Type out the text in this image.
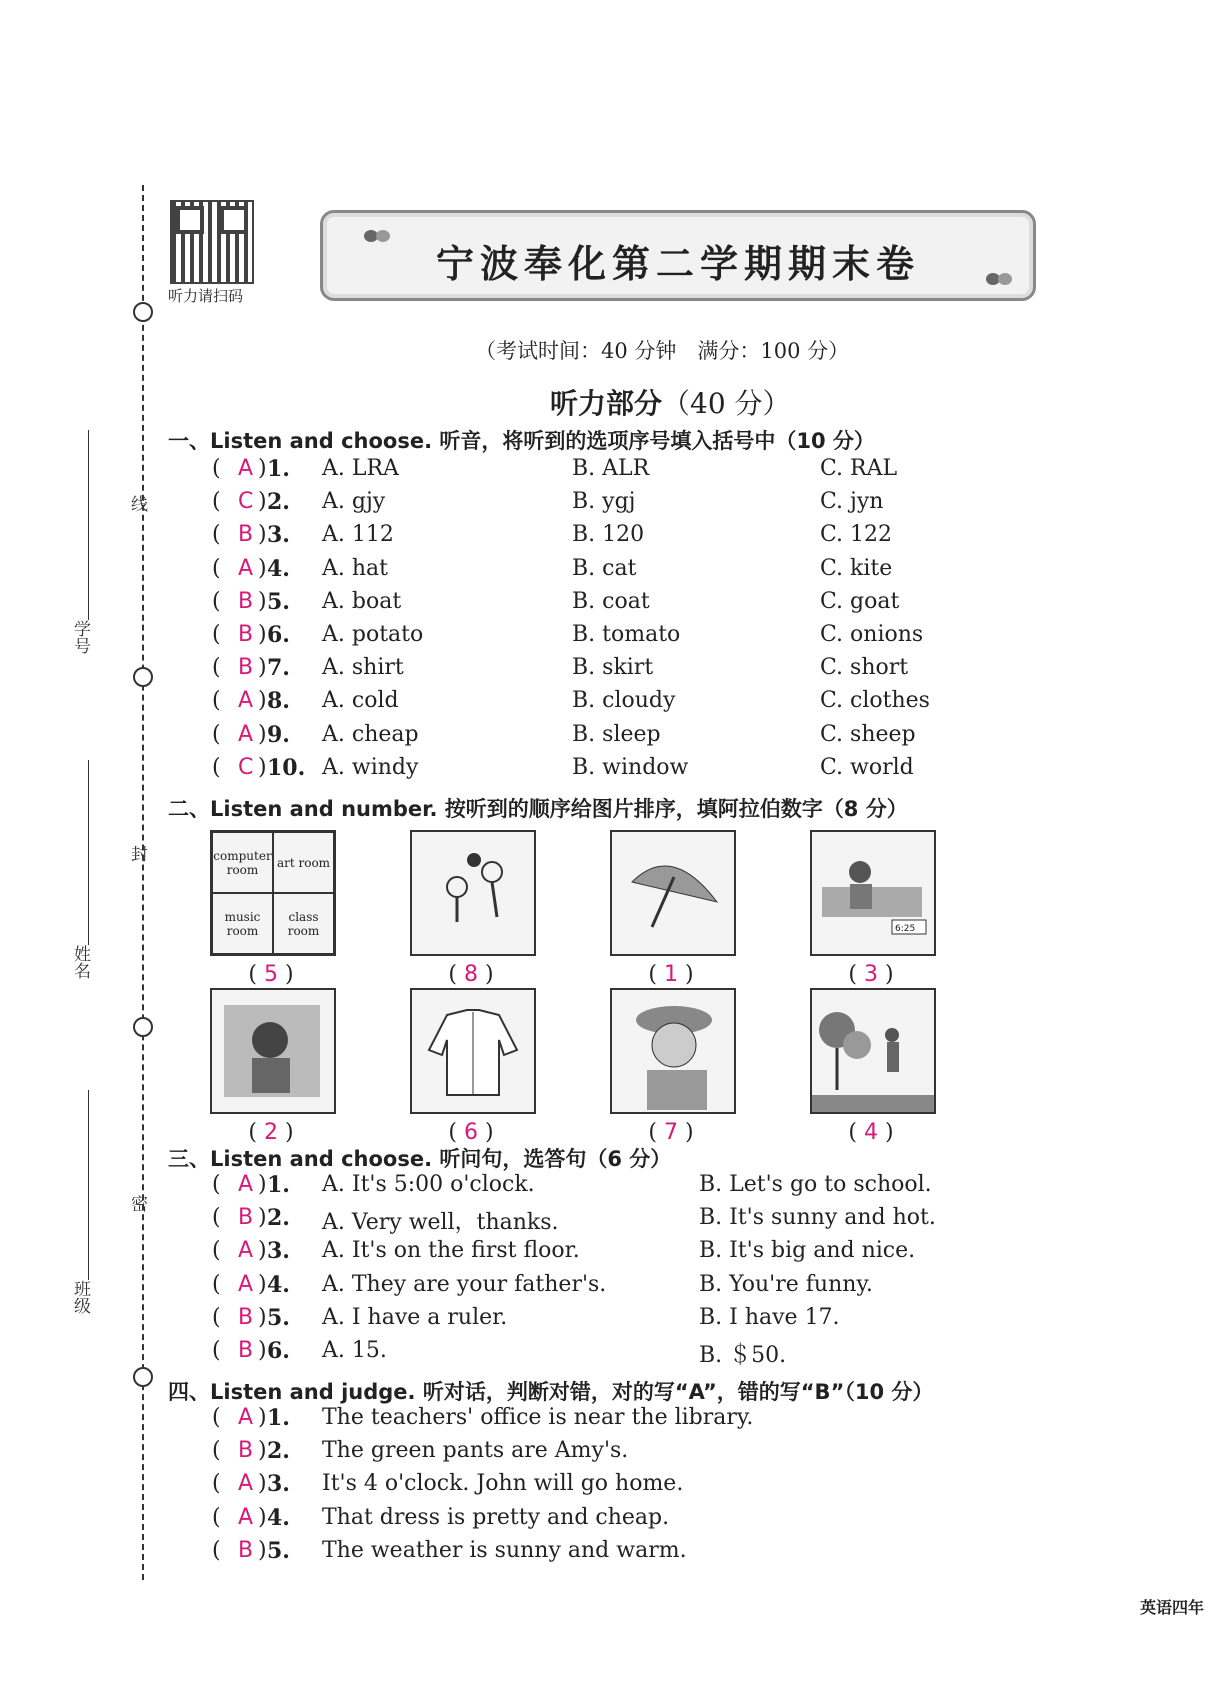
线
封
密
学号
姓名
班级
听力请扫码
宁波奉化第二学期期末卷
（考试时间：40 分钟　满分：100 分）
听力部分（40 分）
一、Listen and choose. 听音，将听到的选项序号填入括号中（10 分）
( A ) 1. A. LRA	B. ALR	C. RAL
( C ) 2. A. gjy	B. ygj	C. jyn
( B ) 3. A. 112	B. 120	C. 122
( A ) 4. A. hat	B. cat	C. kite
( B ) 5. A. boat	B. coat	C. goat
( B ) 6. A. potato	B. tomato	C. onions
( B ) 7. A. shirt	B. skirt	C. short
( A ) 8. A. cold	B. cloudy	C. clothes
( A ) 9. A. cheap	B. sleep	C. sheep
( C ) 10. A. windy	B. window	C. world
二、Listen and number. 按听到的顺序给图片排序，填阿拉伯数字（8 分）
computer room	art room
music room
class room	6:25
( 5 )	( 8 )	( 1 )	( 3 )
( 2 )	( 6 )	( 7 )	( 4 )
三、Listen and choose. 听问句，选答句（6 分）
( A ) 1. A. It's 5:00 o'clock.	B. Let's go to school.
( B ) 2. A. Very well，thanks.	B. It's sunny and hot.
( A ) 3. A. It's on the first floor.	B. It's big and nice.
( A ) 4. A. They are your father's.	B. You're funny.
( B ) 5. A. I have a ruler.	B. I have 17.
( B ) 6. A. 15.	B. ＄50.
四、Listen and judge. 听对话，判断对错，对的写“A”，错的写“B”（10 分）
( A ) 1. The teachers' office is near the library.
( B ) 2. The green pants are Amy's.
( A ) 3. It's 4 o'clock. John will go home.
( A ) 4. That dress is pretty and cheap.
( B ) 5. The weather is sunny and warm.
英语四年
